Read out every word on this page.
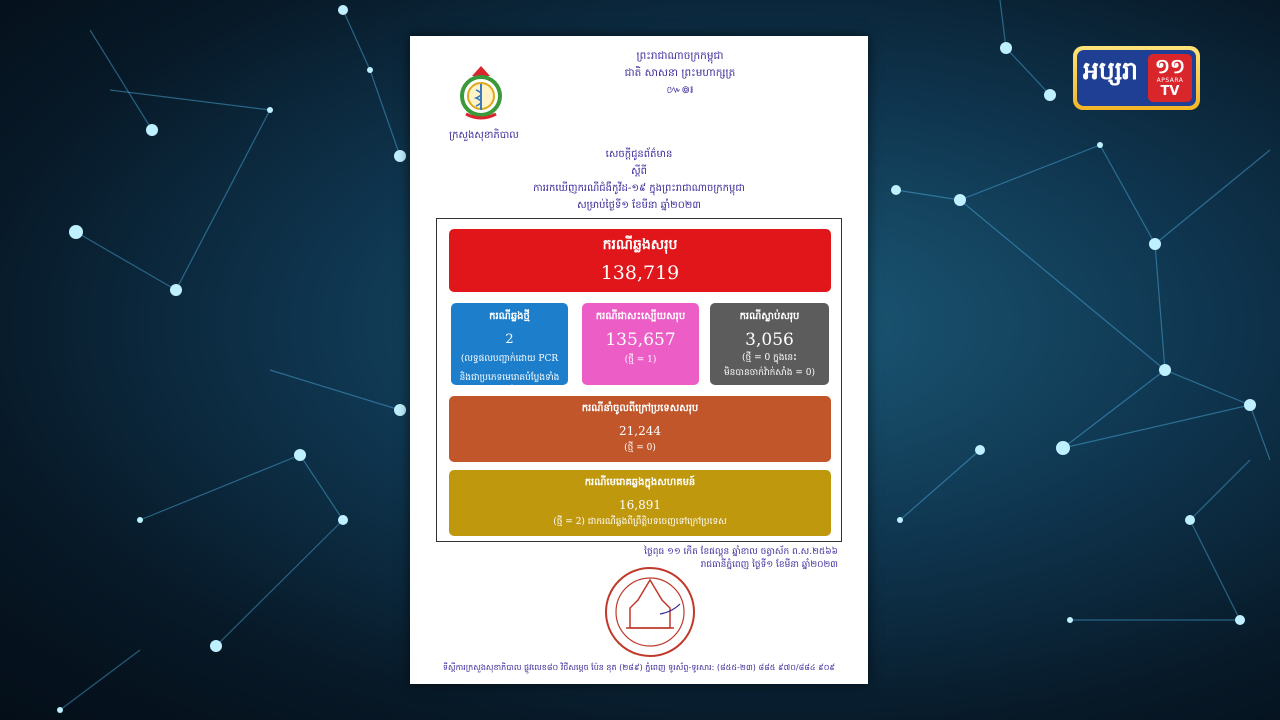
អប្សរា ១១
APSARA
TV
ព្រះរាជាណាចក្រកម្ពុជា
ជាតិ សាសនា ព្រះមហាក្សត្រ
៚៙៛
ក្រសួងសុខាភិបាល
សេចក្តីជូនព័ត៌មាន
ស្តីពី
ការរកឃើញករណីជំងឺកូវីដ-១៩ ក្នុងព្រះរាជាណាចក្រកម្ពុជា
សម្រាប់ថ្ងៃទី១ ខែមីនា ឆ្នាំ២០២៣
ករណីឆ្លងសរុប
138,719
ករណីឆ្លងថ្មី
2
(លទ្ធផលបញ្ជាក់ដោយ PCR
និងជាប្រភេទមេរោគបំប្លែងទាំងអស់)
ករណីជាសះស្បើយសរុប
135,657
(ថ្មី = 1)
ករណីស្លាប់សរុប
3,056
(ថ្មី = 0 ក្នុងនេះ
មិនបានចាក់វ៉ាក់សាំង = 0)
ករណីនាំចូលពីក្រៅប្រទេសសរុប
21,244
(ថ្មី = 0)
ករណីមេរោគឆ្លងក្នុងសហគមន៍
16,891
(ថ្មី = 2) ជាករណីឆ្លងពីព្រឹត្តិបទចេញទៅក្រៅប្រទេស
ថ្ងៃពុធ ១១ កើត ខែផល្គុន ឆ្នាំខាល ចត្វាស័ក ព.ស.២៥៦៦
រាជធានីភ្នំពេញ ថ្ងៃទី១ ខែមីនា ឆ្នាំ២០២៣
ទីស្តីការក្រសួងសុខាភិបាល ផ្លូវលេខ៨០ វិថីសម្តេច ប៉ែន នុត (២៨៩) ភ្នំពេញ ទូរស័ព្ទ-ទូរសារ: (៨៥៥-២៣) ៨៨៥ ៩៧០/៨៨៤ ៩០៩
